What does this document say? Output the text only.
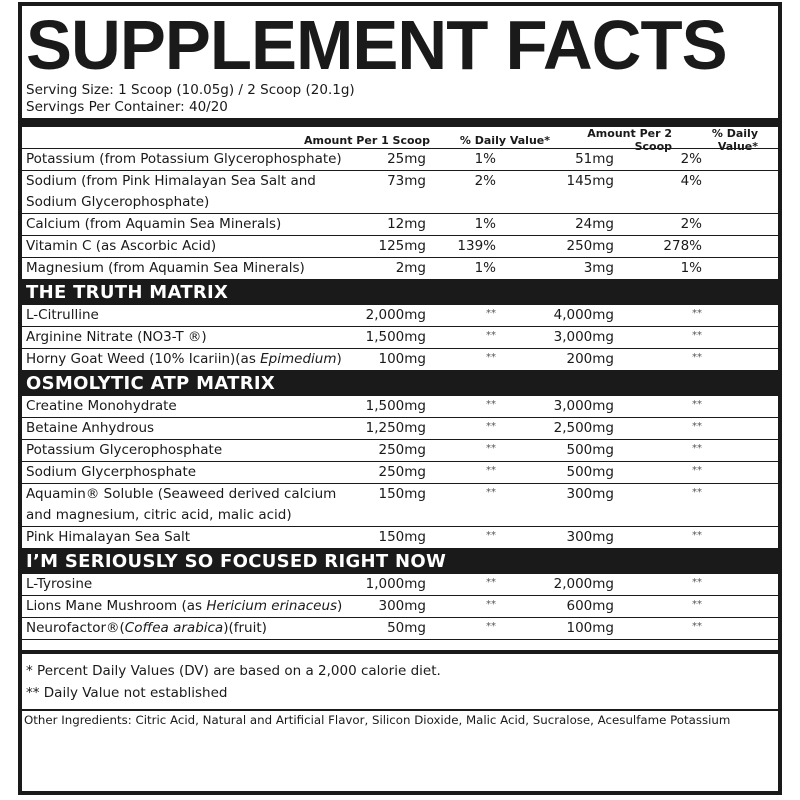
SUPPLEMENT FACTS
Serving Size: 1 Scoop (10.05g) / 2 Scoop (20.1g)
Servings Per Container: 40/20
Amount Per 1 Scoop	% Daily Value*	Amount Per 2 Scoop
% Daily Value*
Potassium (from Potassium Glycerophosphate)	25mg	1%	51mg	2%
Sodium (from Pink Himalayan Sea Salt and Sodium Glycerophosphate)
73mg	2%	145mg	4%
Calcium (from Aquamin Sea Minerals)	12mg	1%	24mg	2%
Vitamin C (as Ascorbic Acid)	125mg	139%	250mg	278%
Magnesium (from Aquamin Sea Minerals)	2mg	1%	3mg	1%
THE TRUTH MATRIX
L-Citrulline	2,000mg	**	4,000mg	**
Arginine Nitrate (NO3-T ®)	1,500mg	**	3,000mg	**
Horny Goat Weed (10% Icariin)(as Epimedium)	100mg	**	200mg	**
OSMOLYTIC ATP MATRIX
Creatine Monohydrate	1,500mg	**	3,000mg	**
Betaine Anhydrous	1,250mg	**	2,500mg	**
Potassium Glycerophosphate	250mg	**	500mg	**
Sodium Glycerphosphate	250mg	**	500mg	**
Aquamin® Soluble (Seaweed derived calcium and magnesium, citric acid, malic acid)
150mg	**	300mg	**
Pink Himalayan Sea Salt	150mg	**	300mg	**
I’M SERIOUSLY SO FOCUSED RIGHT NOW
L-Tyrosine	1,000mg	**	2,000mg	**
Lions Mane Mushroom (as Hericium erinaceus)	300mg	**	600mg	**
Neurofactor®(Coffea arabica)(fruit)	50mg	**	100mg	**
* Percent Daily Values (DV) are based on a 2,000 calorie diet.
** Daily Value not established
Other Ingredients: Citric Acid, Natural and Artificial Flavor, Silicon Dioxide, Malic Acid, Sucralose, Acesulfame Potassium
